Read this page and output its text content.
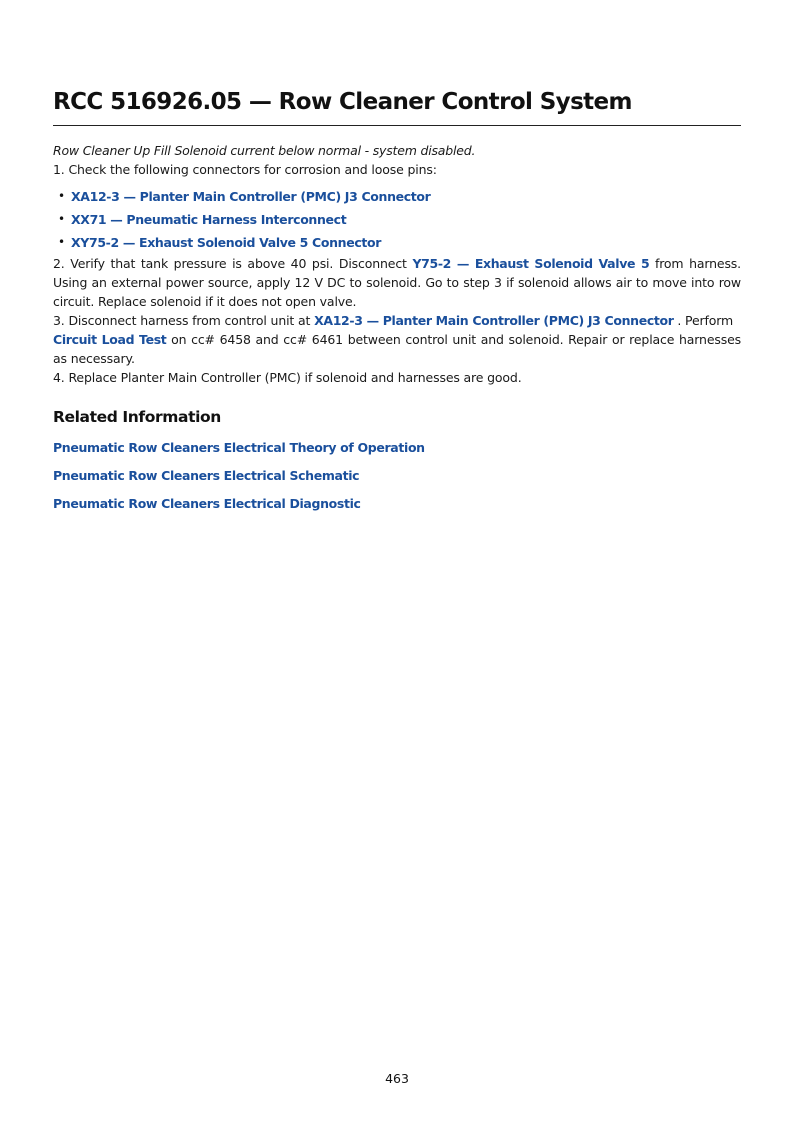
RCC 516926.05 — Row Cleaner Control System

Row Cleaner Up Fill Solenoid current below normal - system disabled.

1. Check the following connectors for corrosion and loose pins:

• XA12-3 — Planter Main Controller (PMC) J3 Connector
• XX71 — Pneumatic Harness Interconnect
• XY75-2 — Exhaust Solenoid Valve 5 Connector

2. Verify that tank pressure is above 40 psi. Disconnect Y75-2 — Exhaust Solenoid Valve 5 from harness. Using an external power source, apply 12 V DC to solenoid. Go to step 3 if solenoid allows air to move into row circuit. Replace solenoid if it does not open valve.

3. Disconnect harness from control unit at XA12-3 — Planter Main Controller (PMC) J3 Connector . Perform
Circuit Load Test on cc# 6458 and cc# 6461 between control unit and solenoid. Repair or replace harnesses as necessary.

4. Replace Planter Main Controller (PMC) if solenoid and harnesses are good.

Related Information
Pneumatic Row Cleaners Electrical Theory of Operation
Pneumatic Row Cleaners Electrical Schematic
Pneumatic Row Cleaners Electrical Diagnostic
463
